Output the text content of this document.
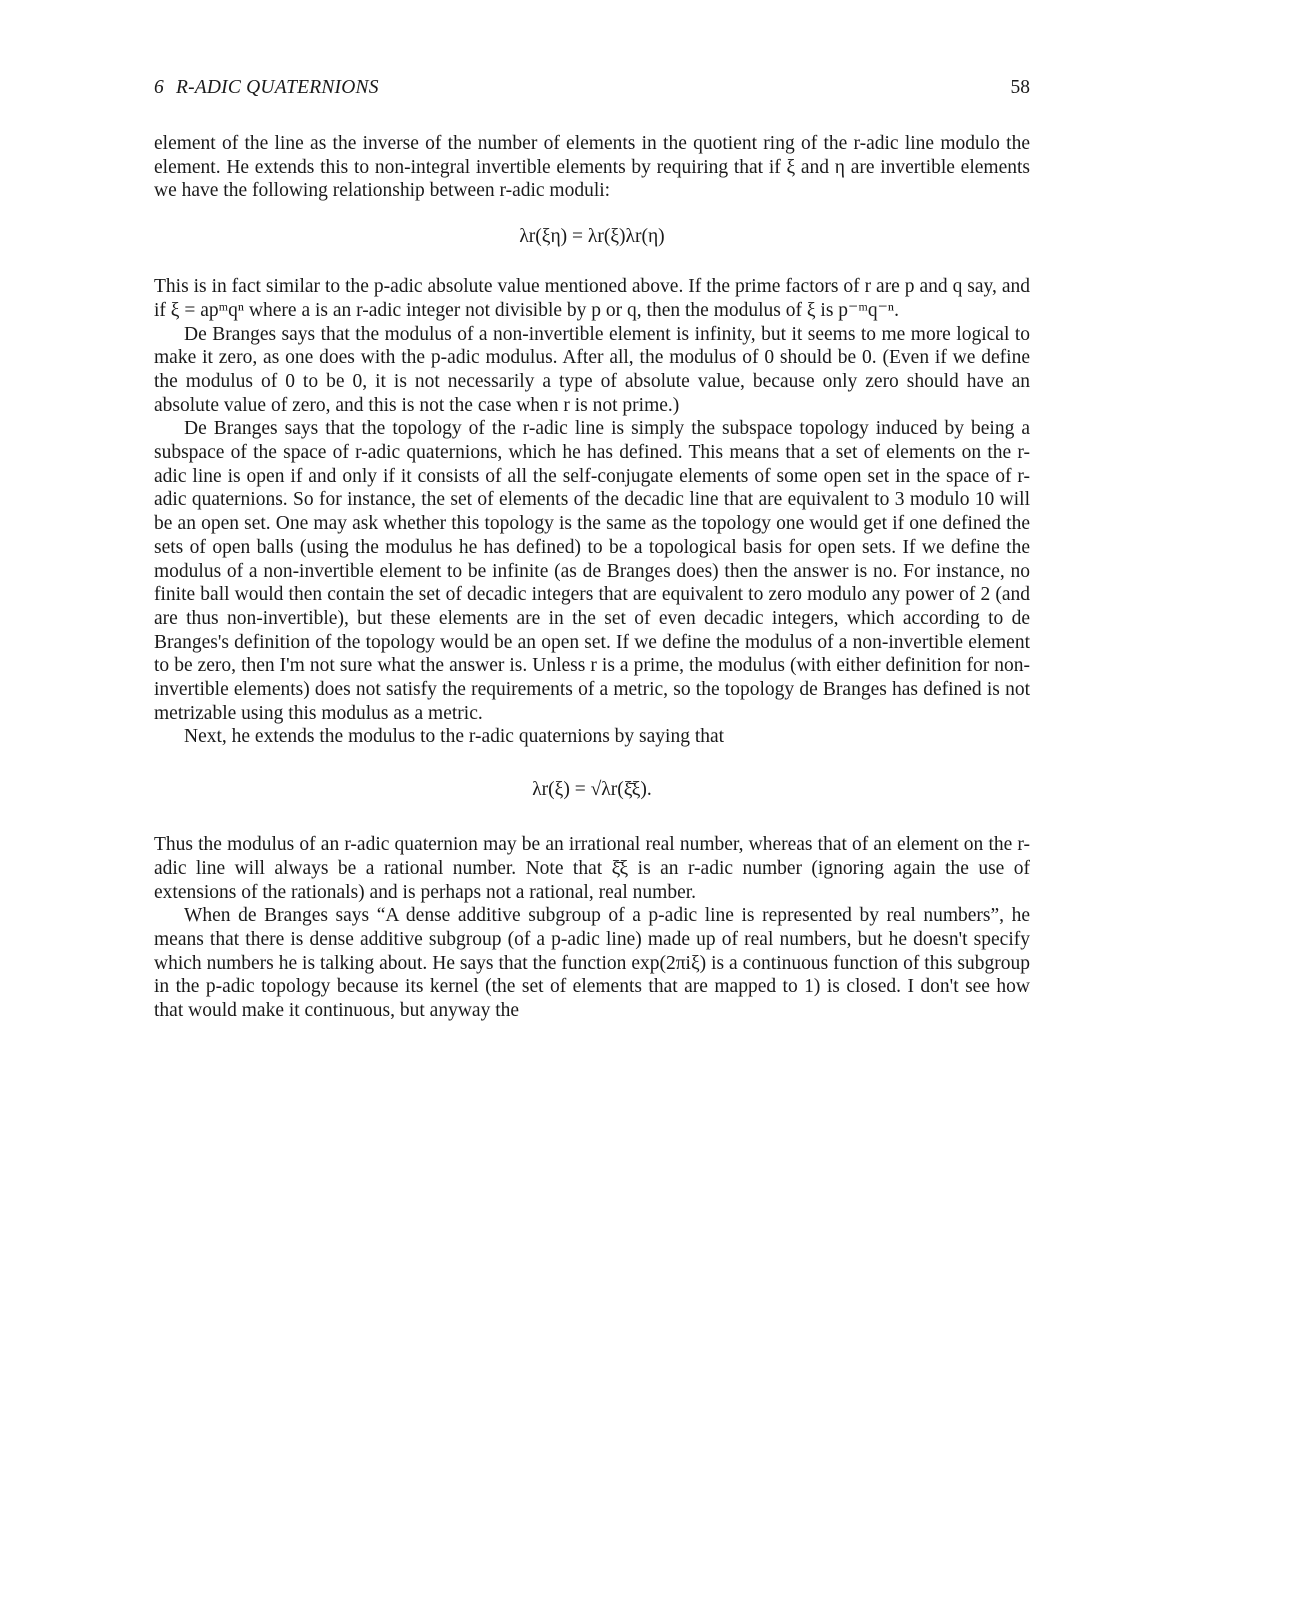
6 R-ADIC QUATERNIONS	58

element of the line as the inverse of the number of elements in the quotient ring of the r-adic line modulo the element. He extends this to non-integral invertible elements by requiring that if ξ and η are invertible elements we have the following relationship between r-adic moduli:

λr(ξη) = λr(ξ)λr(η)

This is in fact similar to the p-adic absolute value mentioned above. If the prime factors of r are p and q say, and if ξ = apᵐqⁿ where a is an r-adic integer not divisible by p or q, then the modulus of ξ is p⁻ᵐq⁻ⁿ.

De Branges says that the modulus of a non-invertible element is infinity, but it seems to me more logical to make it zero, as one does with the p-adic modulus. After all, the modulus of 0 should be 0. (Even if we define the modulus of 0 to be 0, it is not necessarily a type of absolute value, because only zero should have an absolute value of zero, and this is not the case when r is not prime.)

De Branges says that the topology of the r-adic line is simply the subspace topology induced by being a subspace of the space of r-adic quaternions, which he has defined. This means that a set of elements on the r-adic line is open if and only if it consists of all the self-conjugate elements of some open set in the space of r-adic quaternions. So for instance, the set of elements of the decadic line that are equivalent to 3 modulo 10 will be an open set. One may ask whether this topology is the same as the topology one would get if one defined the sets of open balls (using the modulus he has defined) to be a topological basis for open sets. If we define the modulus of a non-invertible element to be infinite (as de Branges does) then the answer is no. For instance, no finite ball would then contain the set of decadic integers that are equivalent to zero modulo any power of 2 (and are thus non-invertible), but these elements are in the set of even decadic integers, which according to de Branges's definition of the topology would be an open set. If we define the modulus of a non-invertible element to be zero, then I'm not sure what the answer is. Unless r is a prime, the modulus (with either definition for non-invertible elements) does not satisfy the requirements of a metric, so the topology de Branges has defined is not metrizable using this modulus as a metric.

Next, he extends the modulus to the r-adic quaternions by saying that

λr(ξ) = √λr(ξ̄ξ).

Thus the modulus of an r-adic quaternion may be an irrational real number, whereas that of an element on the r-adic line will always be a rational number. Note that ξ̄ξ is an r-adic number (ignoring again the use of extensions of the rationals) and is perhaps not a rational, real number.

When de Branges says “A dense additive subgroup of a p-adic line is represented by real numbers”, he means that there is dense additive subgroup (of a p-adic line) made up of real numbers, but he doesn't specify which numbers he is talking about. He says that the function exp(2πiξ) is a continuous function of this subgroup in the p-adic topology because its kernel (the set of elements that are mapped to 1) is closed. I don't see how that would make it continuous, but anyway the
